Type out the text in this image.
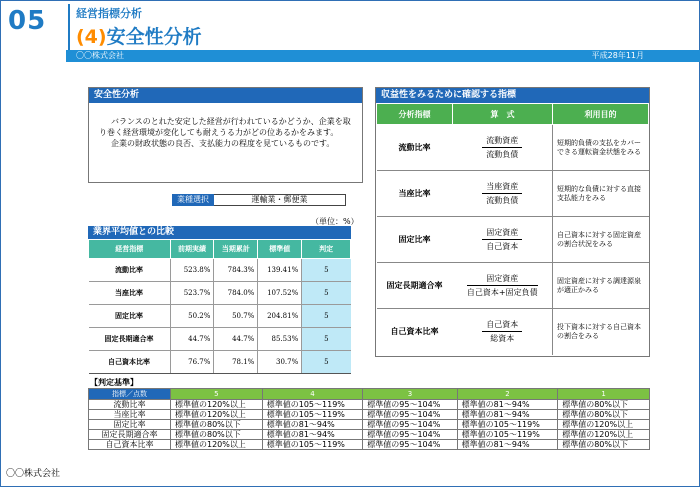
05	経営指標分析
(4)安全性分析
〇〇株式会社	平成28年11月
安全性分析

バランスのとれた安定した経営が行われているかどうか、企業を取り巻く経営環境が変化しても耐えうる力がどの位あるかをみます。

企業の財政状態の良否、支払能力の程度を見ているものです。

業種選択	運輸業・郵便業
（単位：%）
業界平均値との比較
経営指標	前期実績	当期累計	標準値	判定
流動比率	523.8%	784.3%	139.41%	5
当座比率	523.7%	784.0%	107.52%	5
固定比率	50.2%	50.7%	204.81%	5
固定長期適合率	44.7%	44.7%	85.53%	5
自己資本比率	76.7%	78.1%	30.7%	5
収益性をみるために確認する指標
分析指標	算　式	利用目的
流動比率	$\frac{\text{流動資産}}{\text{流動負債}}$	短期的負債の支払をカバーできる運転資金状態をみる
当座比率	$\frac{\text{当座資産}}{\text{流動負債}}$	短期的な負債に対する直接支払能力をみる
固定比率	$\frac{\text{固定資産}}{\text{自己資本}}$	自己資本に対する固定資産の割合状況をみる
固定長期適合率	$\frac{\text{固定資産}}{\text{自己資本+固定負債}}$	固定資産に対する調達源泉が適正かみる
自己資本比率	$\frac{\text{自己資本}}{\text{総資本}}$	投下資本に対する自己資本の割合をみる
【判定基準】
指標／点数	5	4	3	2	1
流動比率	標準値の120%以上	標準値の105～119%	標準値の95～104%	標準値の81～94%	標準値の80%以下
当座比率	標準値の120%以上	標準値の105～119%	標準値の95～104%	標準値の81～94%	標準値の80%以下
固定比率	標準値の80%以下	標準値の81～94%	標準値の95～104%	標準値の105～119%	標準値の120%以上
固定長期適合率	標準値の80%以下	標準値の81～94%	標準値の95～104%	標準値の105～119%	標準値の120%以上
自己資本比率	標準値の120%以上	標準値の105～119%	標準値の95～104%	標準値の81～94%	標準値の80%以下
〇〇株式会社
